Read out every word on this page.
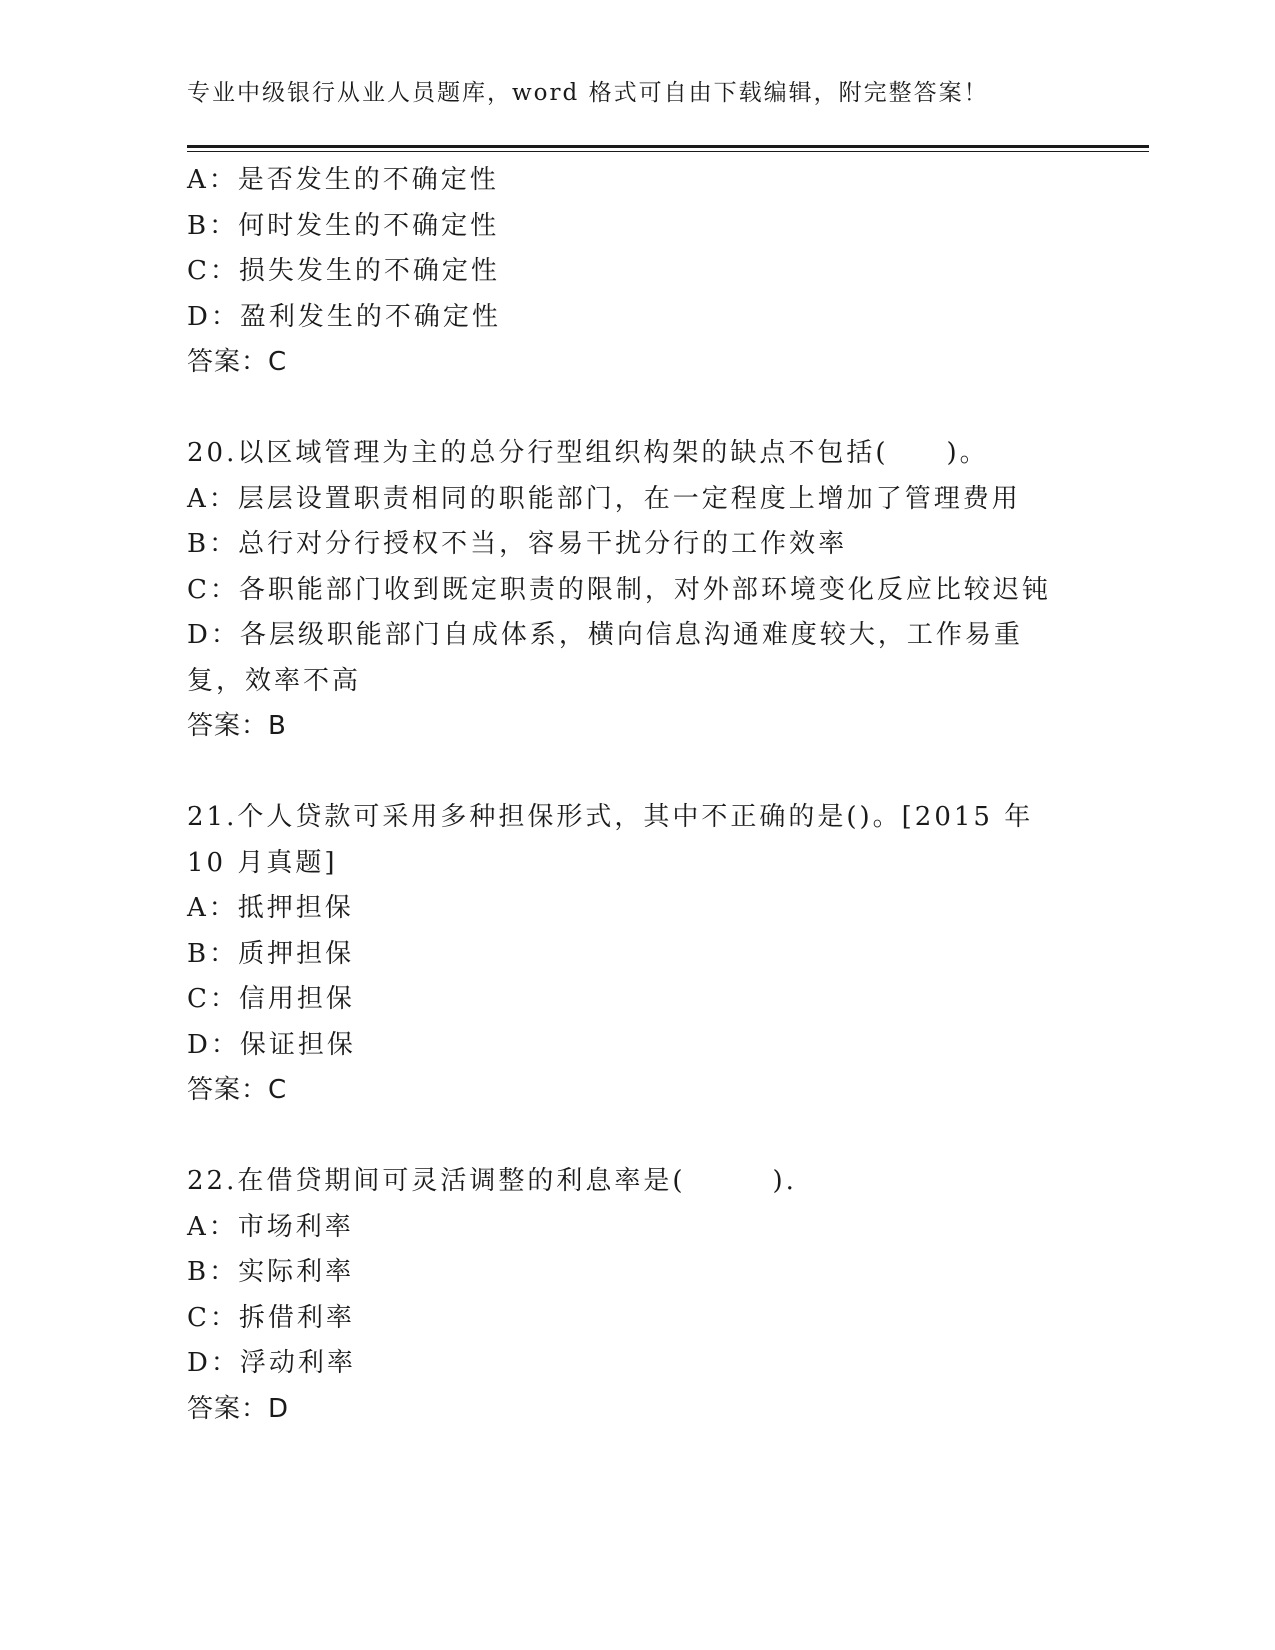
专业中级银行从业人员题库，word 格式可自由下载编辑，附完整答案！
A：是否发生的不确定性
B：何时发生的不确定性
C：损失发生的不确定性
D：盈利发生的不确定性
答案：C
20.以区域管理为主的总分行型组织构架的缺点不包括(　　)。
A：层层设置职责相同的职能部门，在一定程度上增加了管理费用
B：总行对分行授权不当，容易干扰分行的工作效率
C：各职能部门收到既定职责的限制，对外部环境变化反应比较迟钝
D：各层级职能部门自成体系，横向信息沟通难度较大，工作易重复，效率不高
答案：B
21.个人贷款可采用多种担保形式，其中不正确的是()。[2015 年 10 月真题]
A：抵押担保
B：质押担保
C：信用担保
D：保证担保
答案：C
22.在借贷期间可灵活调整的利息率是(　　　).
A：市场利率
B：实际利率
C：拆借利率
D：浮动利率
答案：D
